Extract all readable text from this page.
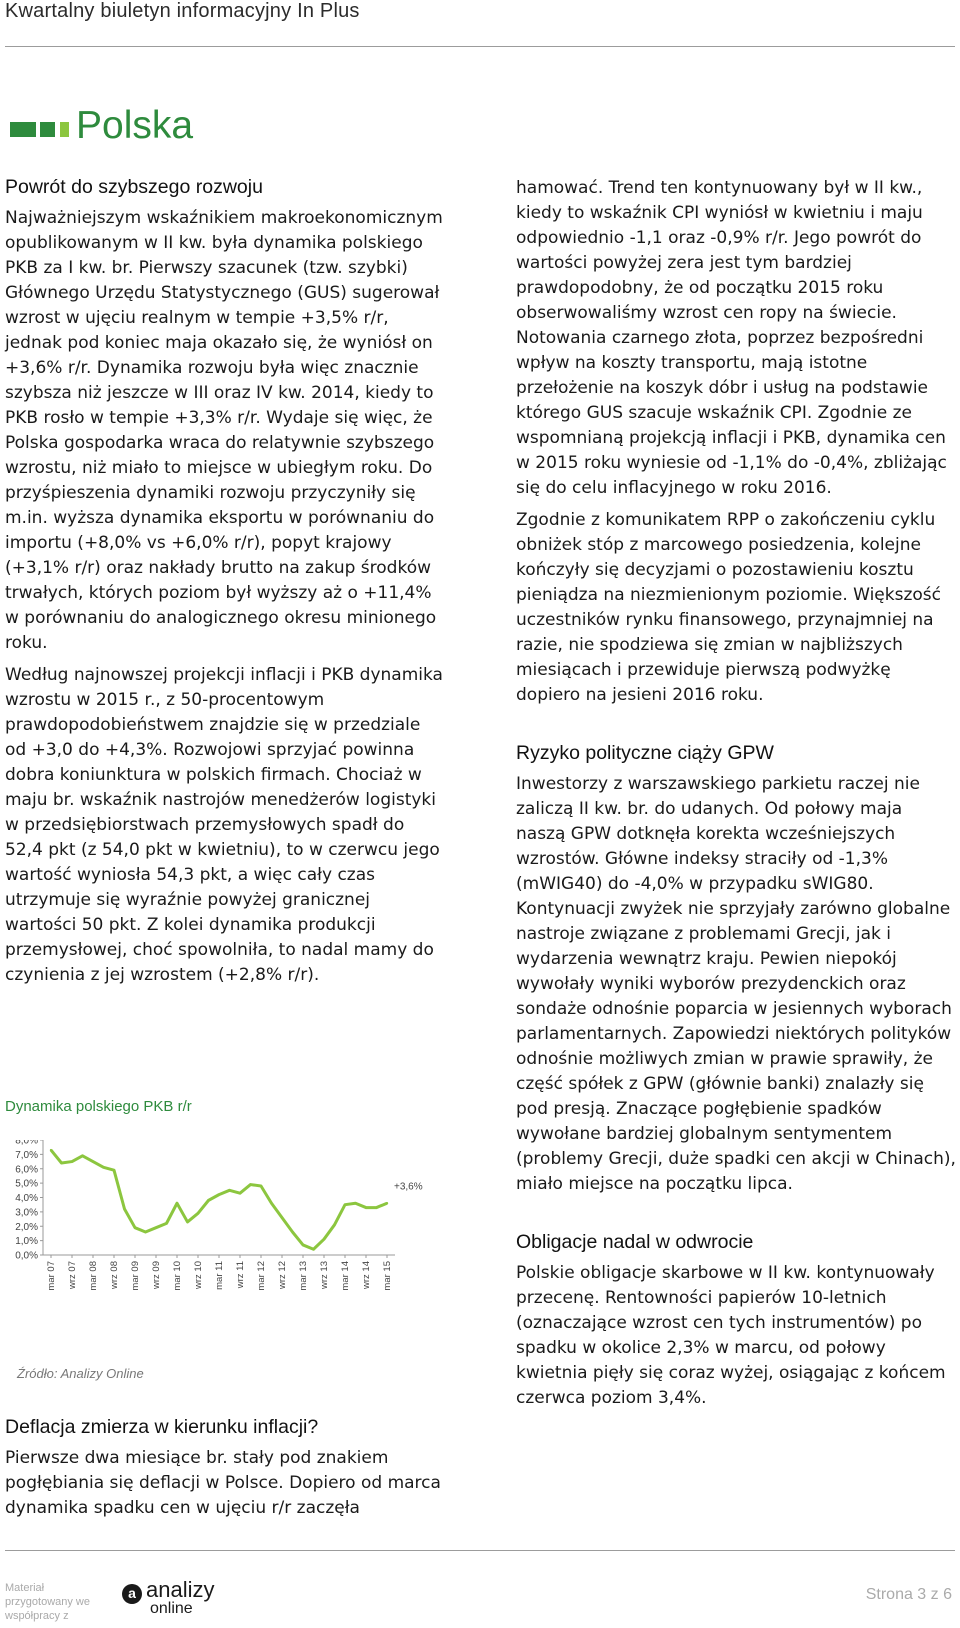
Kwartalny biuletyn informacyjny In Plus
Polska
Powrót do szybszego rozwoju

Najważniejszym wskaźnikiem makroekonomicznym opublikowanym w II kw. była dynamika polskiego PKB za I kw. br. Pierwszy szacunek (tzw. szybki) Głównego Urzędu Statystycznego (GUS) sugerował wzrost w ujęciu realnym w tempie +3,5% r/r, jednak pod koniec maja okazało się, że wyniósł on +3,6% r/r. Dynamika rozwoju była więc znacznie szybsza niż jeszcze w III oraz IV kw. 2014, kiedy to PKB rosło w tempie +3,3% r/r. Wydaje się więc, że Polska gospodarka wraca do relatywnie szybszego wzrostu, niż miało to miejsce w ubiegłym roku. Do przyśpieszenia dynamiki rozwoju przyczyniły się m.in. wyższa dynamika eksportu w porównaniu do importu (+8,0% vs +6,0% r/r), popyt krajowy (+3,1% r/r) oraz nakłady brutto na zakup środków trwałych, których poziom był wyższy aż o +11,4% w porównaniu do analogicznego okresu minionego roku.

Według najnowszej projekcji inflacji i PKB dynamika wzrostu w 2015 r., z 50-procentowym prawdopodobieństwem znajdzie się w przedziale od +3,0 do +4,3%. Rozwojowi sprzyjać powinna dobra koniunktura w polskich firmach. Chociaż w maju br. wskaźnik nastrojów menedżerów logistyki w przedsiębiorstwach przemysłowych spadł do 52,4 pkt (z 54,0 pkt w kwietniu), to w czerwcu jego wartość wyniosła 54,3 pkt, a więc cały czas utrzymuje się wyraźnie powyżej granicznej wartości 50 pkt. Z kolei dynamika produkcji przemysłowej, choć spowolniła, to nadal mamy do czynienia z jej wzrostem (+2,8% r/r).

Dynamika polskiego PKB r/r
8,0%
7,0%
6,0%
5,0%
4,0%
3,0%
2,0%
1,0%
0,0%
mar 07 wrz 07 mar 08 wrz 08 mar 09 wrz 09 mar 10 wrz 10 mar 11 wrz 11 mar 12 wrz 12 mar 13 wrz 13 mar 14 wrz 14 mar 15
+3,6%
Źródło: Analizy Online
Deflacja zmierza w kierunku inflacji?

Pierwsze dwa miesiące br. stały pod znakiem pogłębiania się deflacji w Polsce. Dopiero od marca dynamika spadku cen w ujęciu r/r zaczęła

hamować. Trend ten kontynuowany był w II kw., kiedy to wskaźnik CPI wyniósł w kwietniu i maju odpowiednio -1,1 oraz -0,9% r/r. Jego powrót do wartości powyżej zera jest tym bardziej prawdopodobny, że od początku 2015 roku obserwowaliśmy wzrost cen ropy na świecie. Notowania czarnego złota, poprzez bezpośredni wpływ na koszty transportu, mają istotne przełożenie na koszyk dóbr i usług na podstawie którego GUS szacuje wskaźnik CPI. Zgodnie ze wspomnianą projekcją inflacji i PKB, dynamika cen w 2015 roku wyniesie od -1,1% do -0,4%, zbliżając się do celu inflacyjnego w roku 2016.

Zgodnie z komunikatem RPP o zakończeniu cyklu obniżek stóp z marcowego posiedzenia, kolejne kończyły się decyzjami o pozostawieniu kosztu pieniądza na niezmienionym poziomie. Większość uczestników rynku finansowego, przynajmniej na razie, nie spodziewa się zmian w najbliższych miesiącach i przewiduje pierwszą podwyżkę dopiero na jesieni 2016 roku.

Ryzyko polityczne ciąży GPW

Inwestorzy z warszawskiego parkietu raczej nie zaliczą II kw. br. do udanych. Od połowy maja naszą GPW dotknęła korekta wcześniejszych wzrostów. Główne indeksy straciły od -1,3% (mWIG40) do -4,0% w przypadku sWIG80. Kontynuacji zwyżek nie sprzyjały zarówno globalne nastroje związane z problemami Grecji, jak i wydarzenia wewnątrz kraju. Pewien niepokój wywołały wyniki wyborów prezydenckich oraz sondaże odnośnie poparcia w jesiennych wyborach parlamentarnych. Zapowiedzi niektórych polityków odnośnie możliwych zmian w prawie sprawiły, że część spółek z GPW (głównie banki) znalazły się pod presją. Znaczące pogłębienie spadków wywołane bardziej globalnym sentymentem (problemy Grecji, duże spadki cen akcji w Chinach), miało miejsce na początku lipca.

Obligacje nadal w odwrocie

Polskie obligacje skarbowe w II kw. kontynuowały przecenę. Rentowności papierów 10-letnich (oznaczające wzrost cen tych instrumentów) po spadku w okolice 2,3% w marcu, od połowy kwietnia pięły się coraz wyżej, osiągając z końcem czerwca poziom 3,4%.

Materiał przygotowany we współpracy z
a analizy
online
Strona 3 z 6
